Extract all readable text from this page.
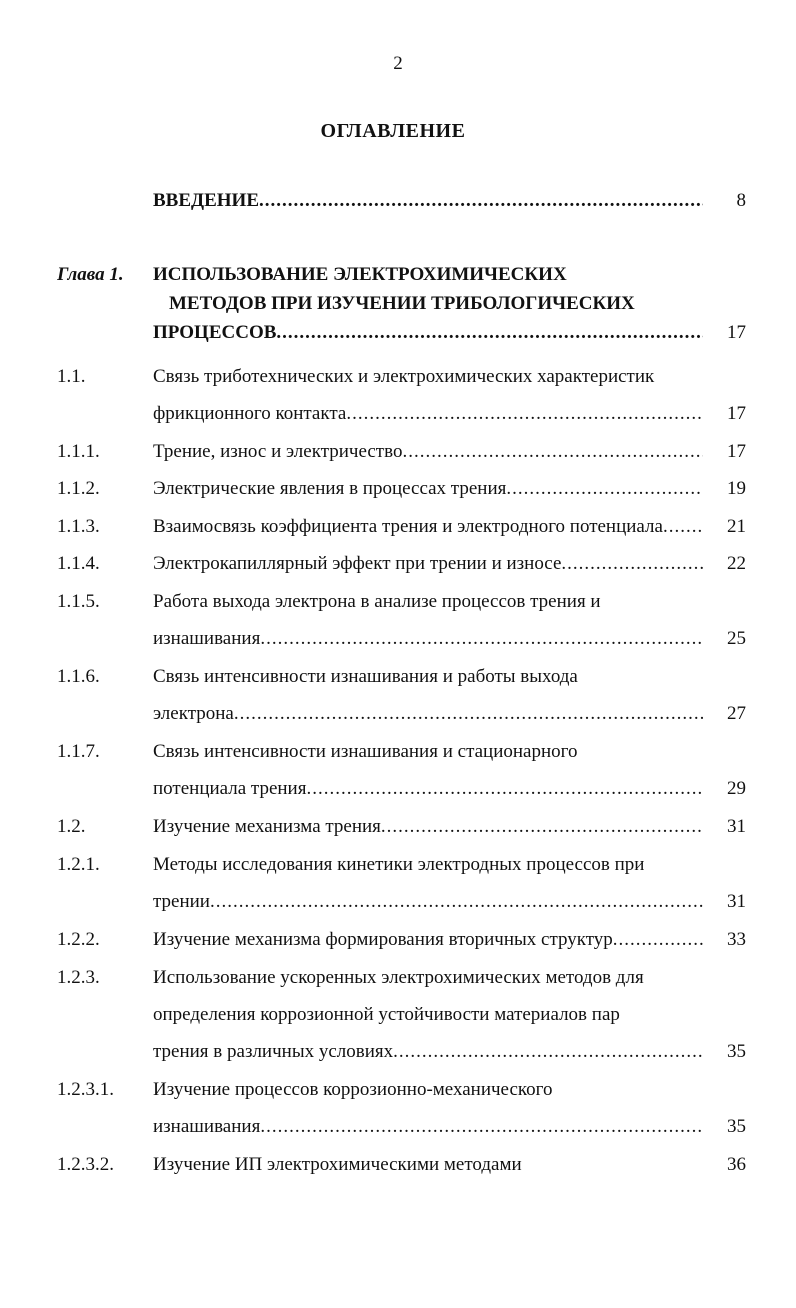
2
ОГЛАВЛЕНИЕ
ВВЕДЕНИЕ .....	8
Глава 1. ИСПОЛЬЗОВАНИЕ ЭЛЕКТРОХИМИЧЕСКИХ
МЕТОДОВ ПРИ ИЗУЧЕНИИ ТРИБОЛОГИЧЕСКИХ
ПРОЦЕССОВ .....	17
1.1.	Связь триботехнических и электрохимических характеристик
фрикционного контакта .....	17
1.1.1.	Трение, износ и электричество .....	17
1.1.2.	Электрические явления в процессах трения .....	19
1.1.3.	Взаимосвязь коэффициента трения и электродного потенциала .....	21
1.1.4.	Электрокапиллярный эффект при трении и износе .....	22
1.1.5.	Работа выхода электрона в анализе процессов трения и
изнашивания .....	25
1.1.6.	Связь интенсивности изнашивания и работы выхода
электрона .....	27
1.1.7.	Связь интенсивности изнашивания и стационарного
потенциала трения .....	29
1.2.	Изучение механизма трения .....	31
1.2.1.	Методы исследования кинетики электродных процессов при
трении .....	31
1.2.2.	Изучение механизма формирования вторичных структур .....	33
1.2.3.	Использование ускоренных электрохимических методов для
определения коррозионной устойчивости материалов пар
трения в различных условиях .....	35
1.2.3.1. Изучение процессов коррозионно-механического
изнашивания .....	35
1.2.3.2. Изучение ИП электрохимическими методами	36
